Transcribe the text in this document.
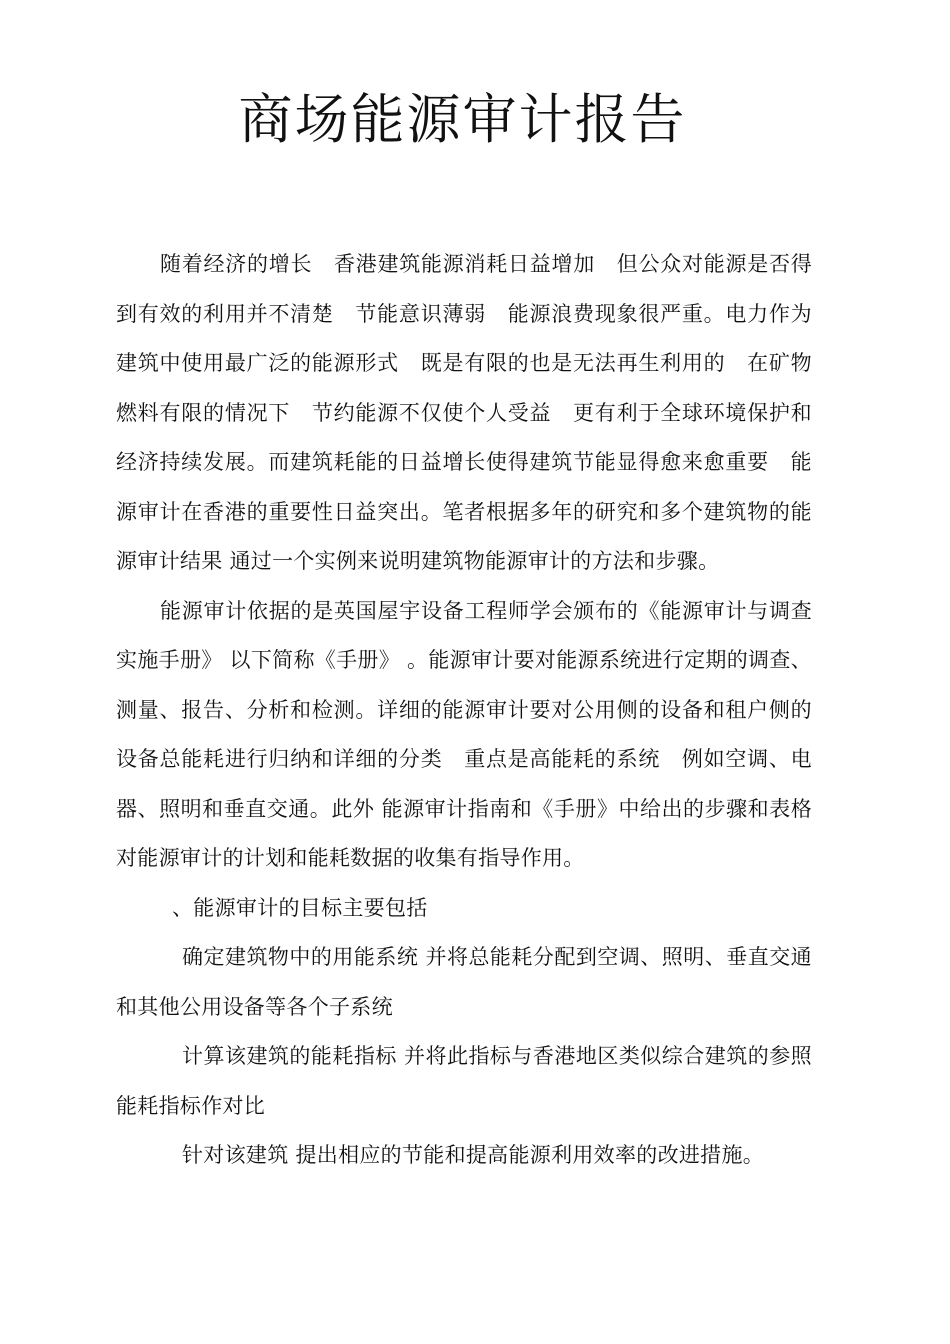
商场能源审计报告

随着经济的增长　香港建筑能源消耗日益增加　但公众对能源是否得到有效的利用并不清楚　节能意识薄弱　能源浪费现象很严重。电力作为建筑中使用最广泛的能源形式　既是有限的也是无法再生利用的　在矿物燃料有限的情况下　节约能源不仅使个人受益　更有利于全球环境保护和经济持续发展。而建筑耗能的日益增长使得建筑节能显得愈来愈重要　能源审计在香港的重要性日益突出。笔者根据多年的研究和多个建筑物的能源审计结果 通过一个实例来说明建筑物能源审计的方法和步骤。

能源审计依据的是英国屋宇设备工程师学会颁布的《能源审计与调查实施手册》 以下简称《手册》 。能源审计要对能源系统进行定期的调查、测量、报告、分析和检测。详细的能源审计要对公用侧的设备和租户侧的设备总能耗进行归纳和详细的分类　重点是高能耗的系统　例如空调、电器、照明和垂直交通。此外 能源审计指南和《手册》中给出的步骤和表格对能源审计的计划和能耗数据的收集有指导作用。

、能源审计的目标主要包括

确定建筑物中的用能系统 并将总能耗分配到空调、照明、垂直交通和其他公用设备等各个子系统

计算该建筑的能耗指标 并将此指标与香港地区类似综合建筑的参照能耗指标作对比

针对该建筑 提出相应的节能和提高能源利用效率的改进措施。
